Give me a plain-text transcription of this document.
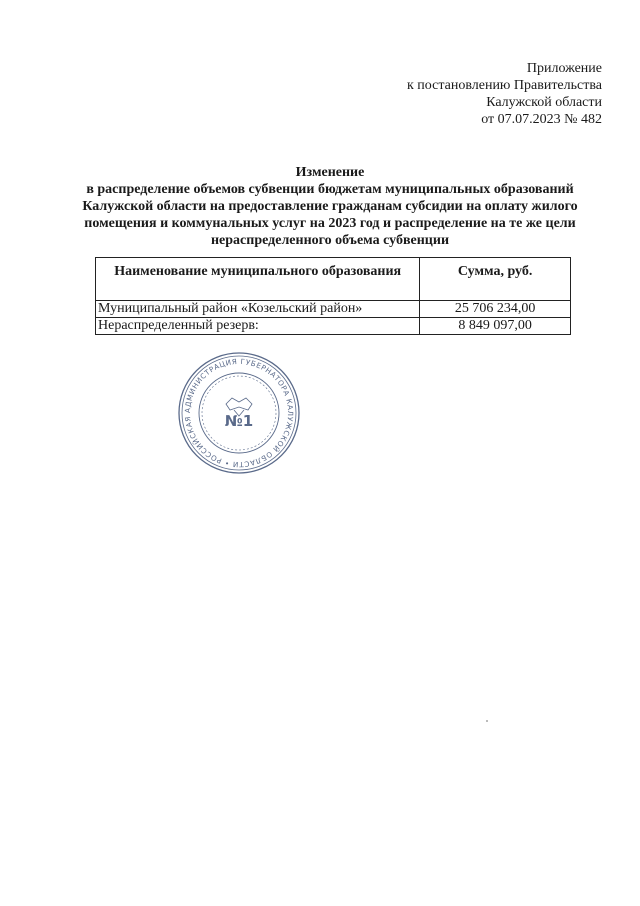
Приложение
к постановлению Правительства
Калужской области
от 07.07.2023 № 482
Изменение
в распределение объемов субвенции бюджетам муниципальных образований
Калужской области на предоставление гражданам субсидии на оплату жилого
помещения и коммунальных услуг на 2023 год и распределение на те же цели
нераспределенного объема субвенции
Наименование муниципального образования	Сумма, руб.
Муниципальный район «Козельский район»	25 706 234,00
Нераспределенный резерв:	8 849 097,00
АДМИНИСТРАЦИЯ ГУБЕРНАТОРА КАЛУЖСКОЙ ОБЛАСТИ • РОССИЙСКАЯ	№1
